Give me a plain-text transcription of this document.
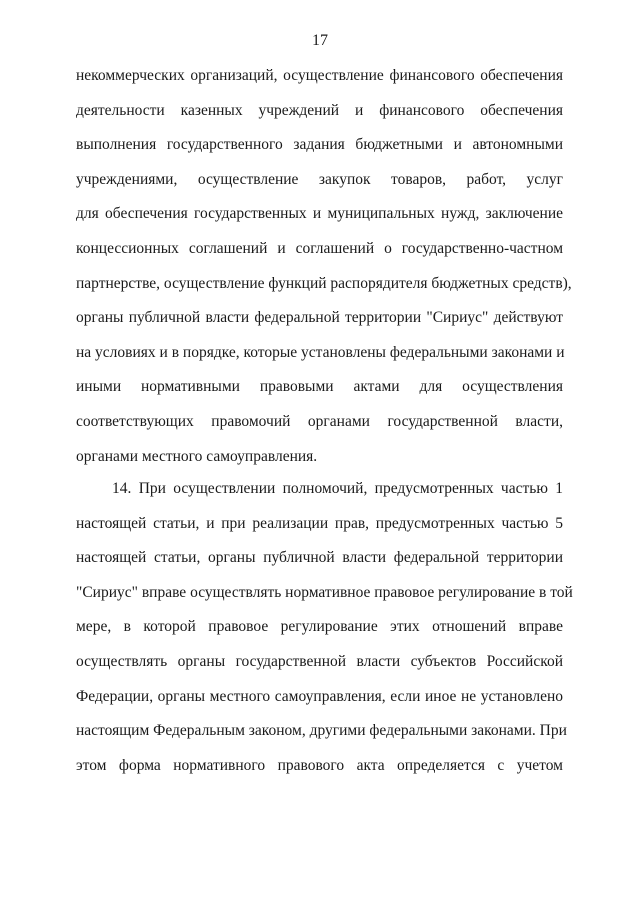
17
некоммерческих организаций, осуществление финансового обеспечения
деятельности казенных учреждений и финансового обеспечения
выполнения государственного задания бюджетными и автономными
учреждениями, осуществление закупок товаров, работ, услуг
для обеспечения государственных и муниципальных нужд, заключение
концессионных соглашений и соглашений о государственно-частном
партнерстве, осуществление функций распорядителя бюджетных средств),
органы публичной власти федеральной территории "Сириус" действуют
на условиях и в порядке, которые установлены федеральными законами и
иными нормативными правовыми актами для осуществления
соответствующих правомочий органами государственной власти,
органами местного самоуправления.
14. При осуществлении полномочий, предусмотренных частью 1
настоящей статьи, и при реализации прав, предусмотренных частью 5
настоящей статьи, органы публичной власти федеральной территории
"Сириус" вправе осуществлять нормативное правовое регулирование в той
мере, в которой правовое регулирование этих отношений вправе
осуществлять органы государственной власти субъектов Российской
Федерации, органы местного самоуправления, если иное не установлено
настоящим Федеральным законом, другими федеральными законами. При
этом форма нормативного правового акта определяется с учетом
